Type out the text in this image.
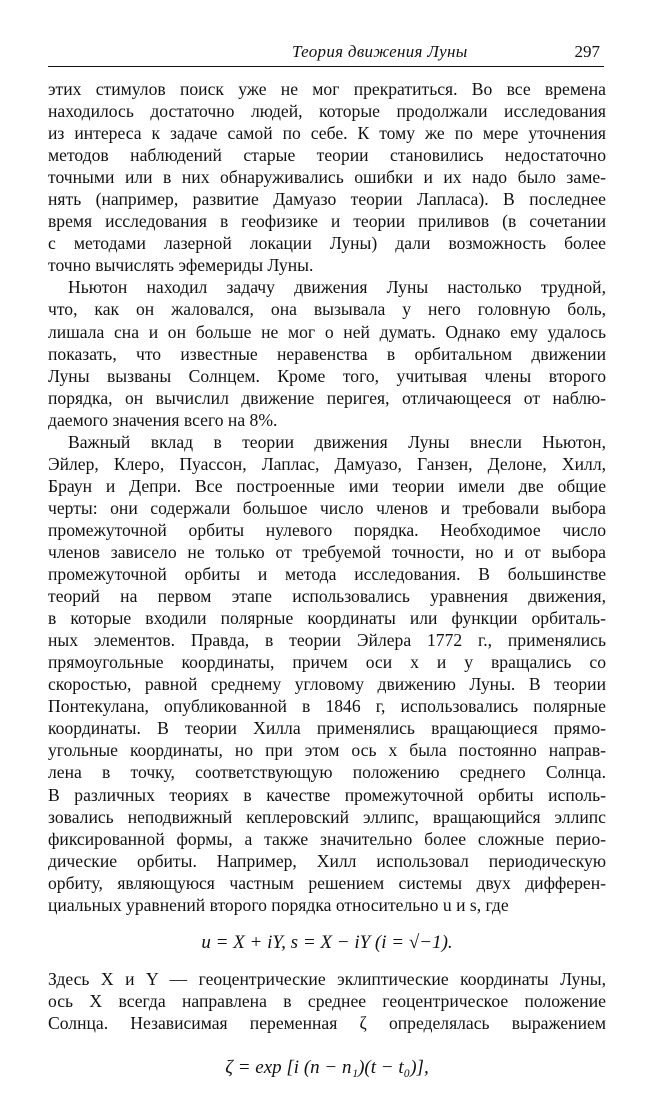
Теория движения Луны	297
этих стимулов поиск уже не мог прекратиться. Во все времена
находилось достаточно людей, которые продолжали исследования
из интереса к задаче самой по себе. К тому же по мере уточнения
методов наблюдений старые теории становились недостаточно
точными или в них обнаруживались ошибки и их надо было заме-
нять (например, развитие Дамуазо теории Лапласа). В последнее
время исследования в геофизике и теории приливов (в сочетании
с методами лазерной локации Луны) дали возможность более
точно вычислять эфемериды Луны.
Ньютон находил задачу движения Луны настолько трудной,
что, как он жаловался, она вызывала у него головную боль,
лишала сна и он больше не мог о ней думать. Однако ему удалось
показать, что известные неравенства в орбитальном движении
Луны вызваны Солнцем. Кроме того, учитывая члены второго
порядка, он вычислил движение перигея, отличающееся от наблю-
даемого значения всего на 8%.
Важный вклад в теории движения Луны внесли Ньютон,
Эйлер, Клеро, Пуассон, Лаплас, Дамуазо, Ганзен, Делоне, Хилл,
Браун и Депри. Все построенные ими теории имели две общие
черты: они содержали большое число членов и требовали выбора
промежуточной орбиты нулевого порядка. Необходимое число
членов зависело не только от требуемой точности, но и от выбора
промежуточной орбиты и метода исследования. В большинстве
теорий на первом этапе использовались уравнения движения,
в которые входили полярные координаты или функции орбиталь-
ных элементов. Правда, в теории Эйлера 1772 г., применялись
прямоугольные координаты, причем оси x и y вращались со
скоростью, равной среднему угловому движению Луны. В теории
Понтекулана, опубликованной в 1846 г, использовались полярные
координаты. В теории Хилла применялись вращающиеся прямо-
угольные координаты, но при этом ось x была постоянно направ-
лена в точку, соответствующую положению среднего Солнца.
В различных теориях в качестве промежуточной орбиты исполь-
зовались неподвижный кеплеровский эллипс, вращающийся эллипс
фиксированной формы, а также значительно более сложные перио-
дические орбиты. Например, Хилл использовал периодическую
орбиту, являющуюся частным решением системы двух дифферен-
циальных уравнений второго порядка относительно u и s, где
u = X + iY, s = X − iY (i = √−1).
Здесь X и Y — геоцентрические эклиптические координаты Луны,
ось X всегда направлена в среднее геоцентрическое положение
Солнца. Независимая переменная ζ определялась выражением
ζ = exp [i (n − n₁)(t − t₀)],
